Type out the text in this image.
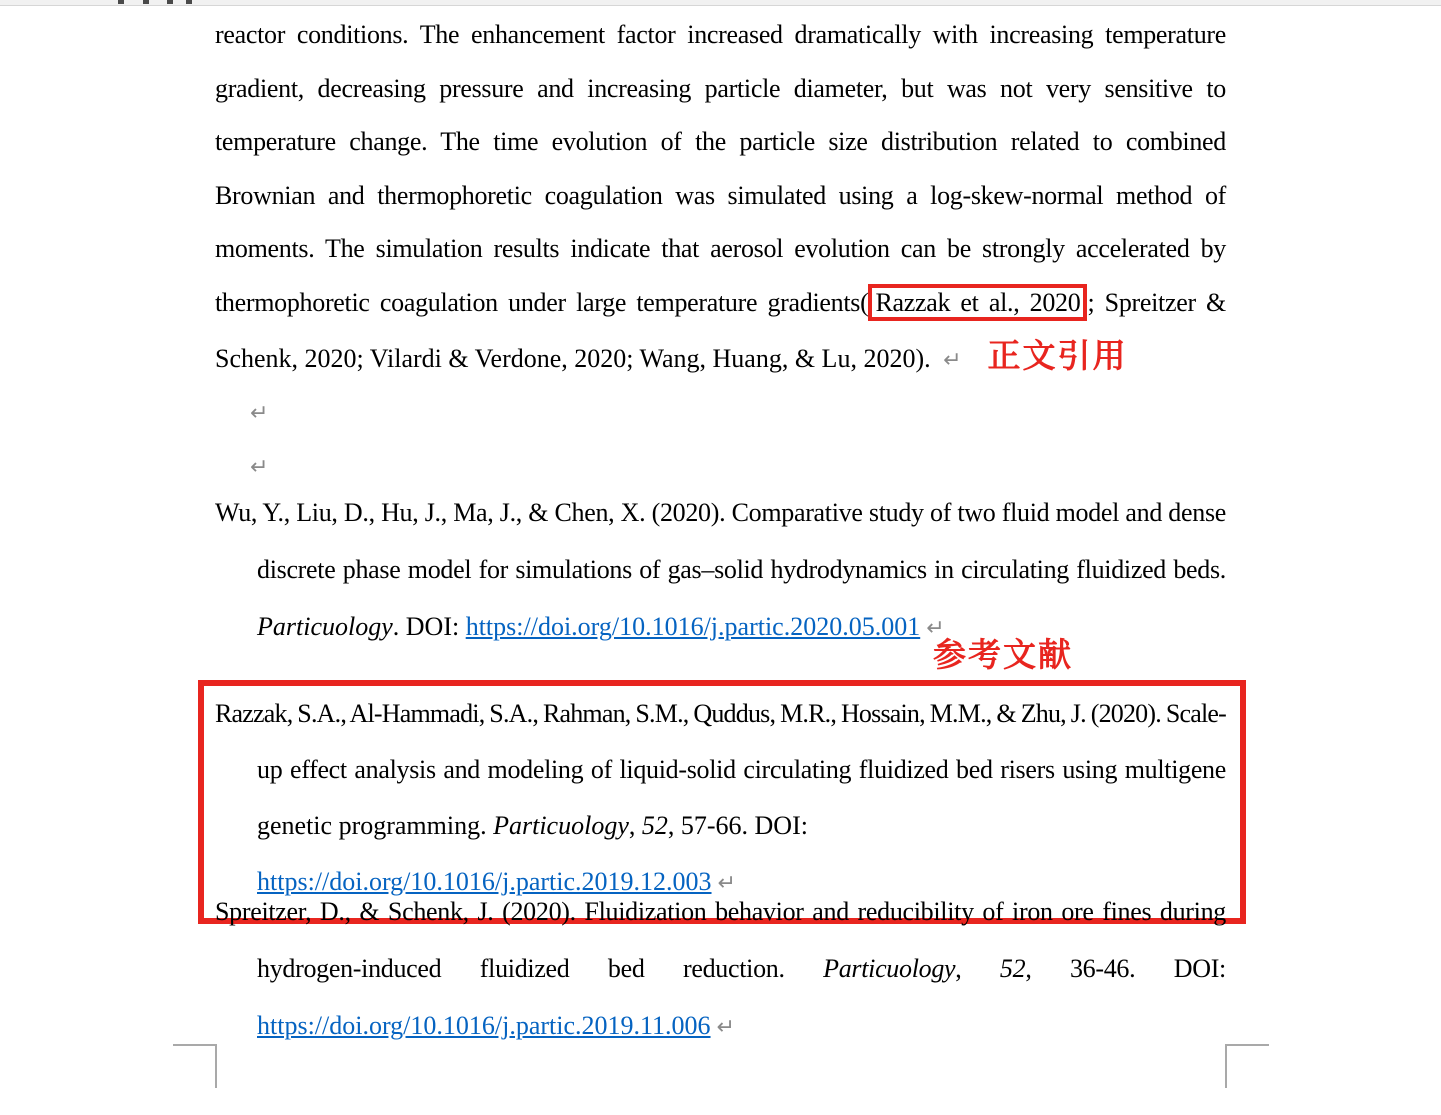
reactor conditions. The enhancement factor increased dramatically with increasing temperature
gradient, decreasing pressure and increasing particle diameter, but was not very sensitive to
temperature change. The time evolution of the particle size distribution related to combined
Brownian and thermophoretic coagulation was simulated using a log-skew-normal method of
moments. The simulation results indicate that aerosol evolution can be strongly accelerated by
thermophoretic coagulation under large temperature gradients( Razzak et al., 2020 ; Spreitzer &
Schenk, 2020; Vilardi & Verdone, 2020; Wang, Huang, & Lu, 2020). ↵ 正文引用
↵
↵
Wu, Y., Liu, D., Hu, J., Ma, J., & Chen, X. (2020). Comparative study of two fluid model and dense
discrete phase model for simulations of gas–solid hydrodynamics in circulating fluidized beds.
Particuology. DOI: https://doi.org/10.1016/j.partic.2020.05.001 ↵
参考文献
Razzak, S.A., Al-Hammadi, S.A., Rahman, S.M., Quddus, M.R., Hossain, M.M., & Zhu, J. (2020). Scale-
up effect analysis and modeling of liquid-solid circulating fluidized bed risers using multigene
genetic programming. Particuology, 52, 57-66. DOI: https://doi.org/10.1016/j.partic.2019.12.003 ↵
Spreitzer, D., & Schenk, J. (2020). Fluidization behavior and reducibility of iron ore fines during
hydrogen-induced fluidized bed reduction. Particuology, 52, 36-46. DOI:
https://doi.org/10.1016/j.partic.2019.11.006 ↵
